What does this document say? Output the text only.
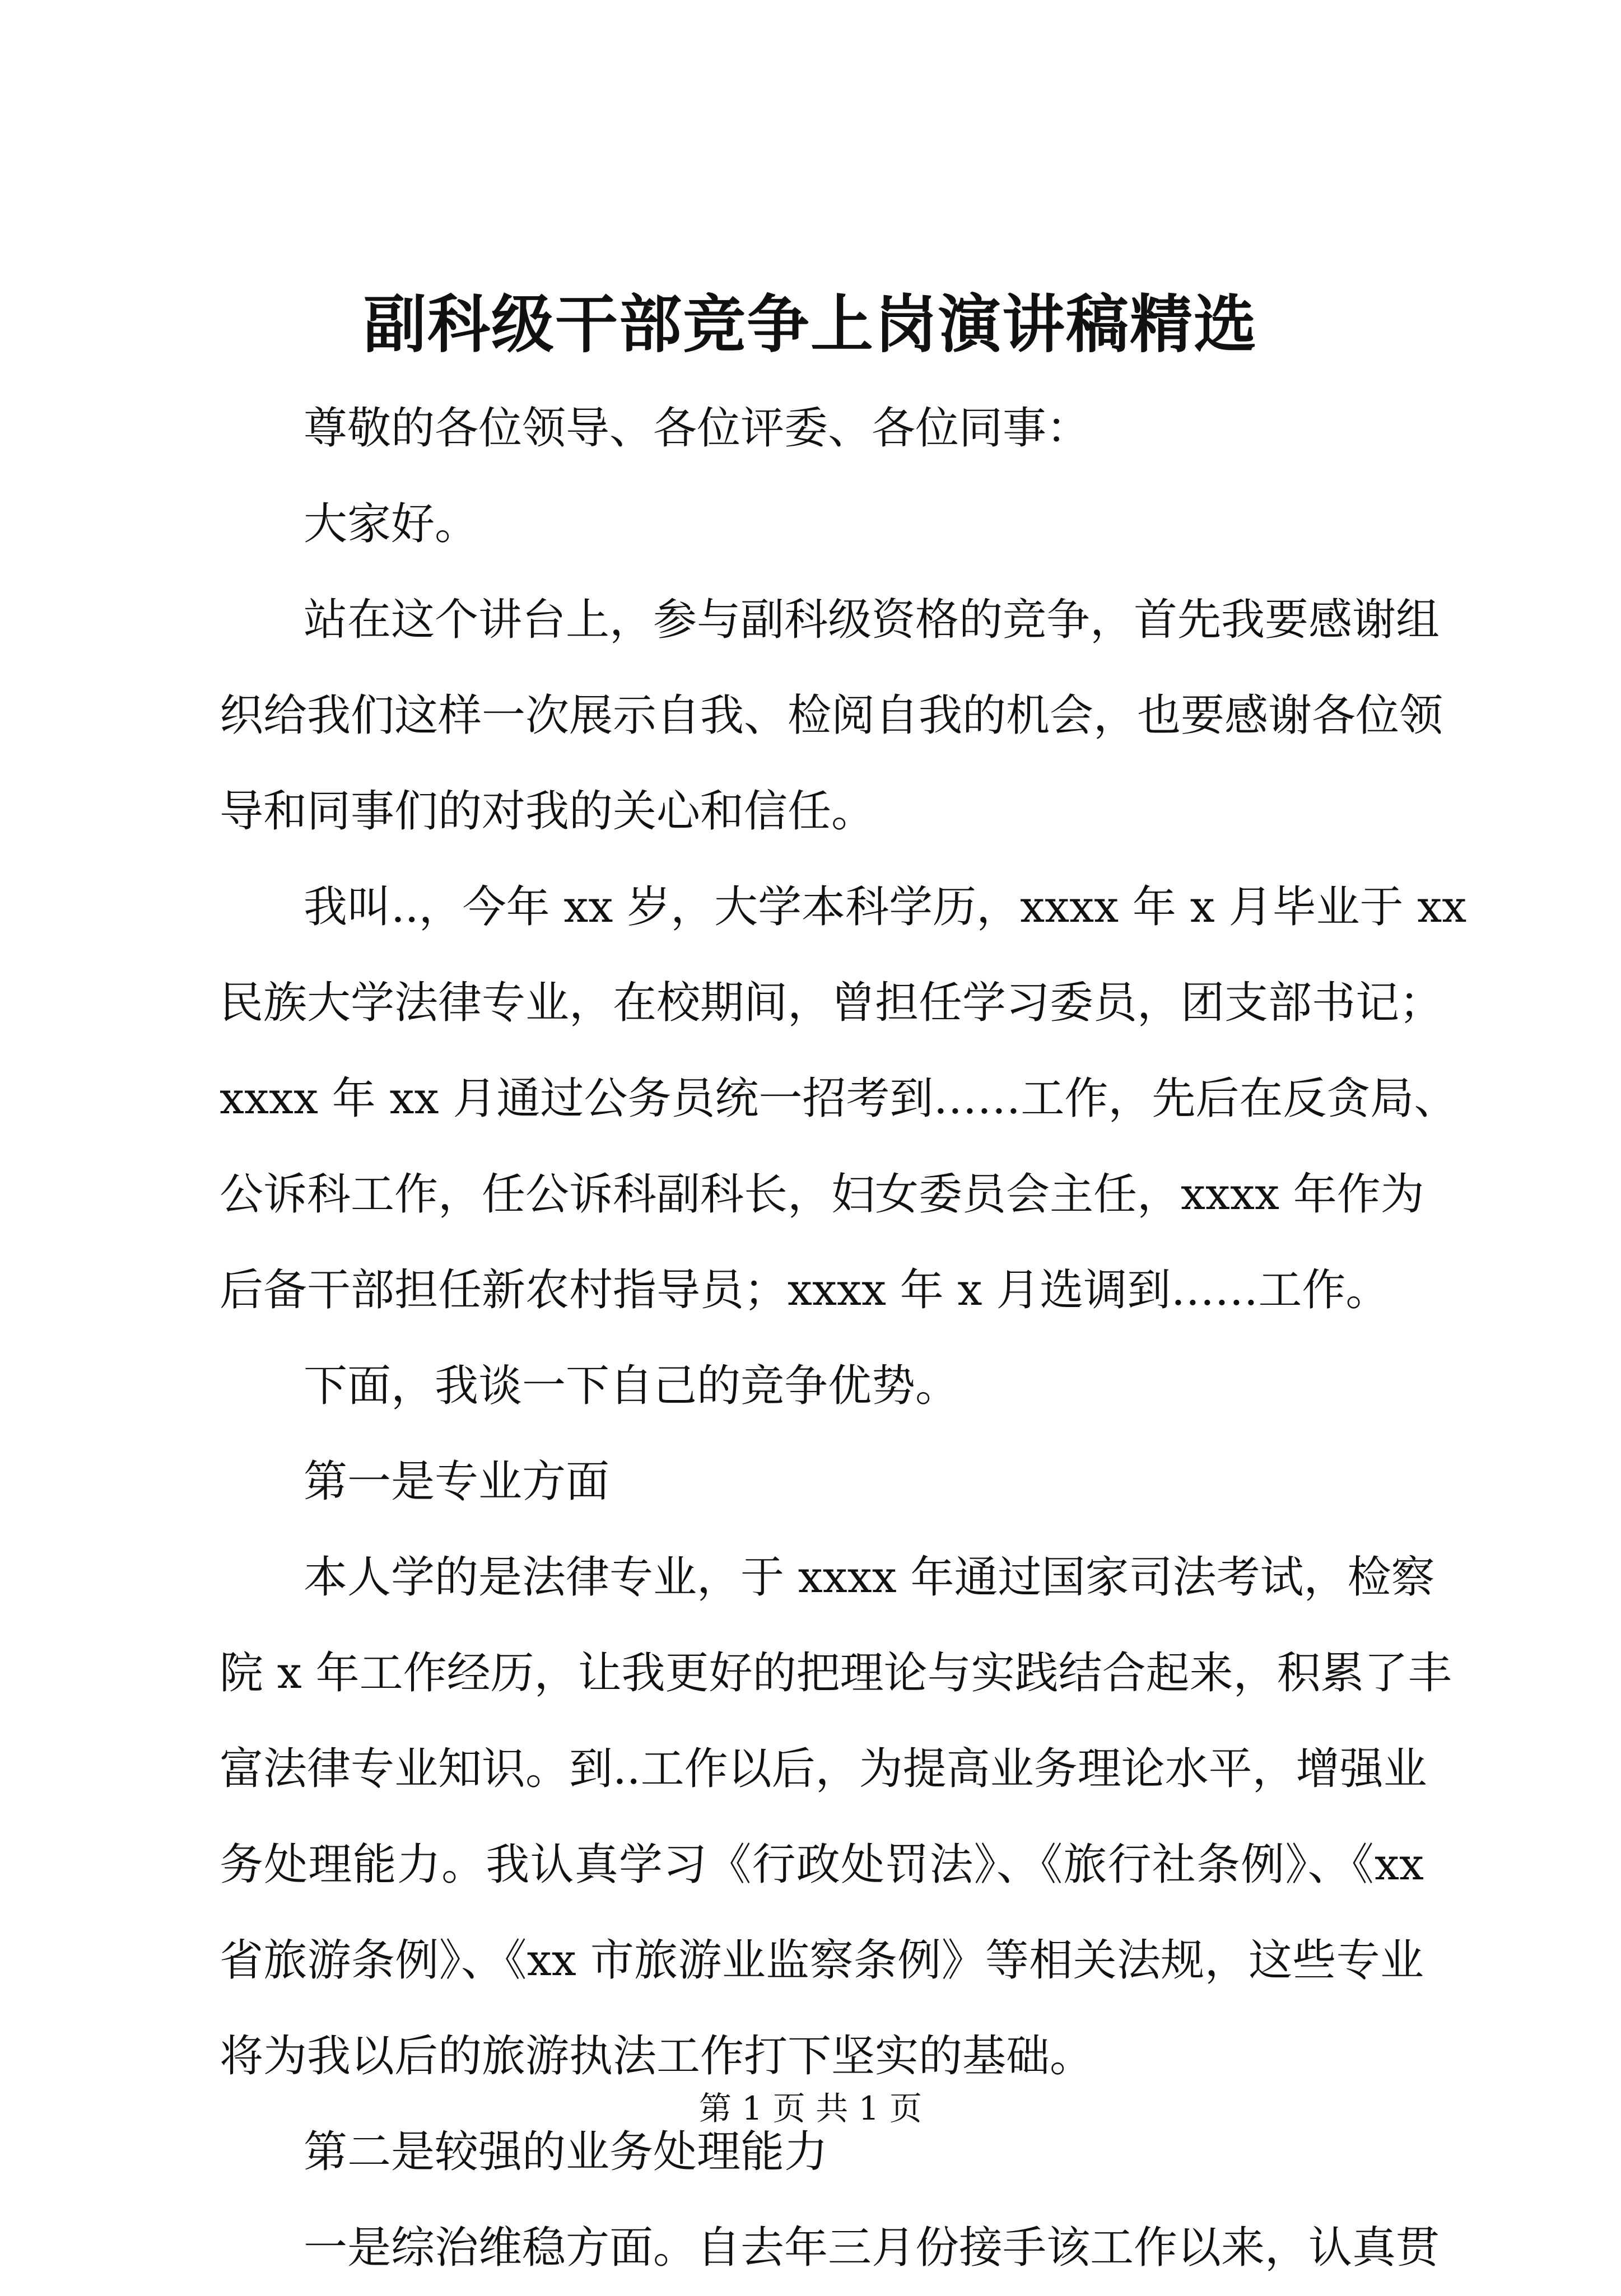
副科级干部竞争上岗演讲稿精选
尊敬的各位领导、各位评委、各位同事：
大家好。
站在这个讲台上，参与副科级资格的竞争，首先我要感谢组
织给我们这样一次展示自我、检阅自我的机会，也要感谢各位领
导和同事们的对我的关心和信任。
我叫..，今年 xx 岁，大学本科学历，xxxx 年 x 月毕业于 xx
民族大学法律专业，在校期间，曾担任学习委员，团支部书记；
xxxx 年 xx 月通过公务员统一招考到……工作，先后在反贪局、
公诉科工作，任公诉科副科长，妇女委员会主任，xxxx 年作为
后备干部担任新农村指导员；xxxx 年 x 月选调到……工作。
下面，我谈一下自己的竞争优势。
第一是专业方面
本人学的是法律专业，于 xxxx 年通过国家司法考试，检察
院 x 年工作经历，让我更好的把理论与实践结合起来，积累了丰
富法律专业知识。到..工作以后，为提高业务理论水平，增强业
务处理能力。我认真学习《行政处罚法》、《旅行社条例》、《xx
省旅游条例》、《xx 市旅游业监察条例》等相关法规，这些专业
将为我以后的旅游执法工作打下坚实的基础。
第二是较强的业务处理能力
一是综治维稳方面。自去年三月份接手该工作以来，认真贯
第 1 页 共 1 页
